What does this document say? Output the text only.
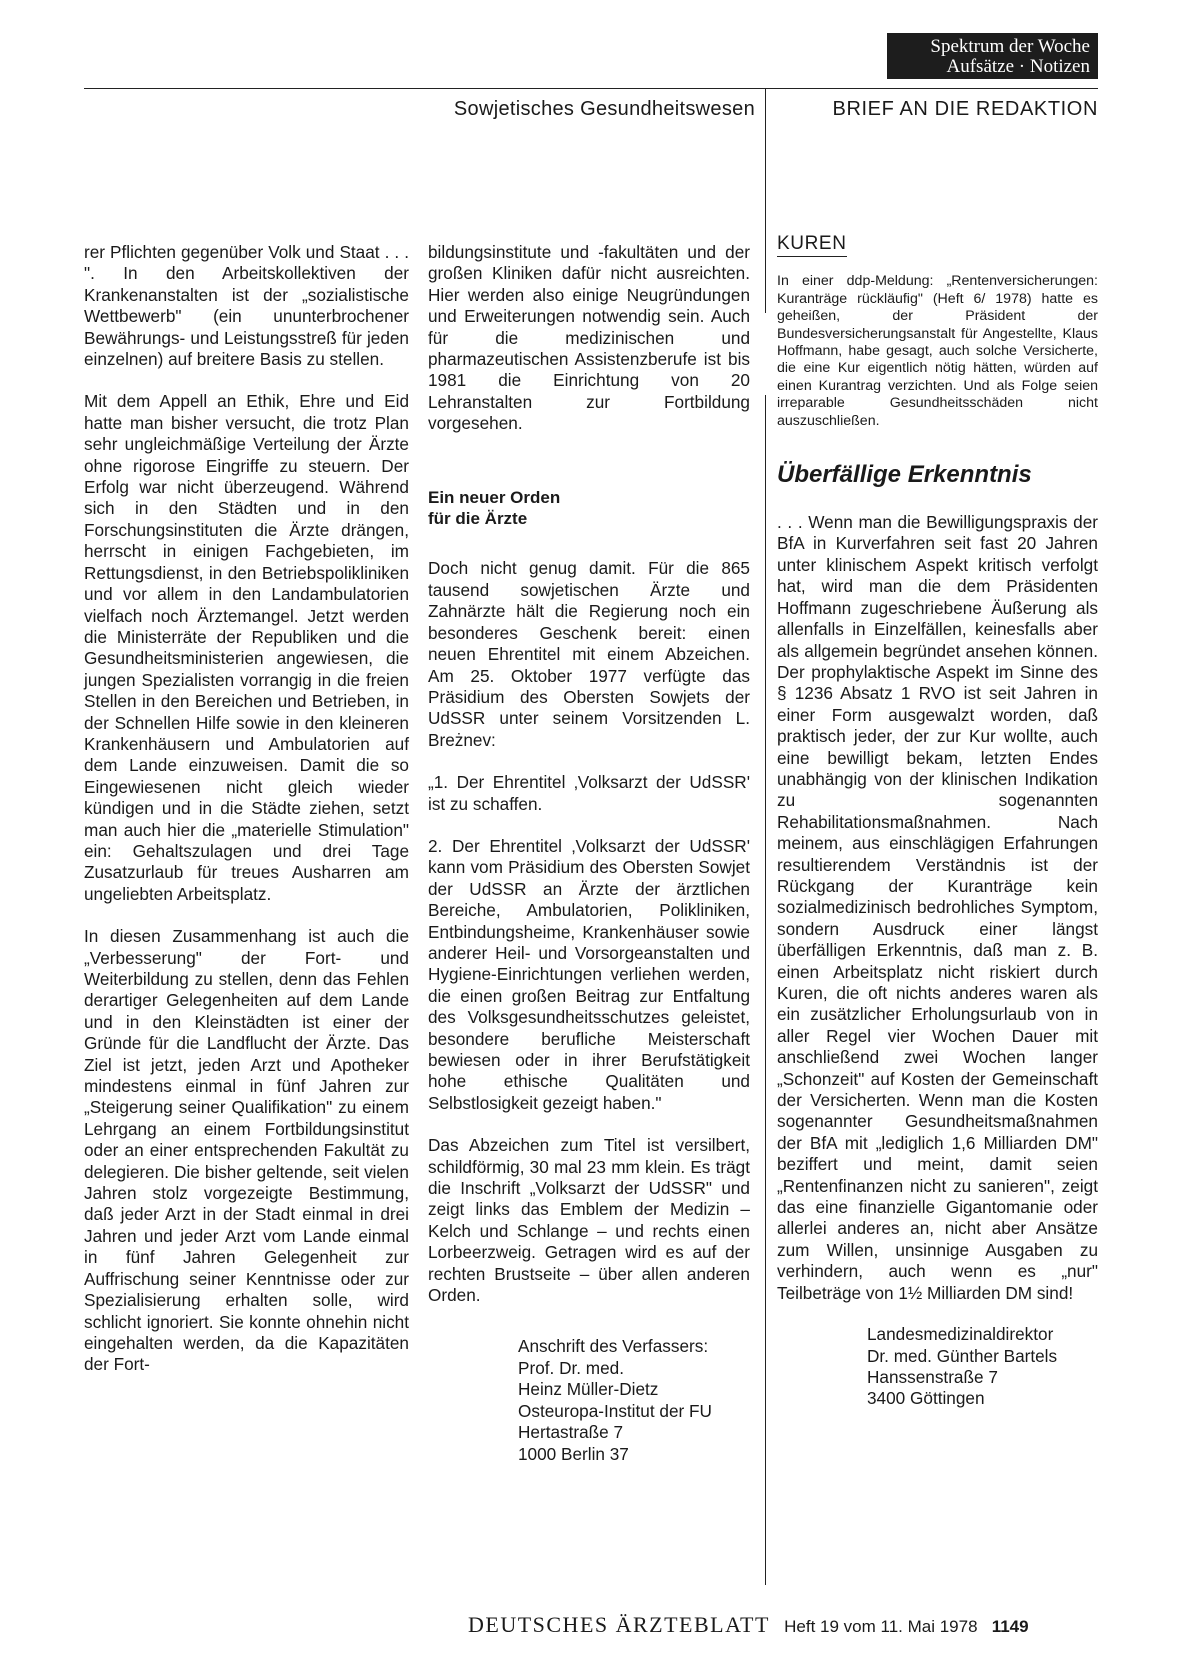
Spektrum der Woche
Aufsätze · Notizen
Sowjetisches Gesundheitswesen	BRIEF AN DIE REDAKTION

rer Pflichten gegenüber Volk und Staat . . . ". In den Arbeitskollektiven der Krankenanstalten ist der „sozialistische Wettbewerb" (ein ununterbrochener Bewährungs- und Leistungsstreß für jeden einzelnen) auf breitere Basis zu stellen.

Mit dem Appell an Ethik, Ehre und Eid hatte man bisher versucht, die trotz Plan sehr ungleichmäßige Verteilung der Ärzte ohne rigorose Eingriffe zu steuern. Der Erfolg war nicht überzeugend. Während sich in den Städten und in den Forschungsinstituten die Ärzte drängen, herrscht in einigen Fachgebieten, im Rettungsdienst, in den Betriebspolikliniken und vor allem in den Landambulatorien vielfach noch Ärztemangel. Jetzt werden die Ministerräte der Republiken und die Gesundheitsministerien angewiesen, die jungen Spezialisten vorrangig in die freien Stellen in den Bereichen und Betrieben, in der Schnellen Hilfe sowie in den kleineren Krankenhäusern und Ambulatorien auf dem Lande einzuweisen. Damit die so Eingewiesenen nicht gleich wieder kündigen und in die Städte ziehen, setzt man auch hier die „materielle Stimulation" ein: Gehaltszulagen und drei Tage Zusatzurlaub für treues Ausharren am ungeliebten Arbeitsplatz.

In diesen Zusammenhang ist auch die „Verbesserung" der Fort- und Weiterbildung zu stellen, denn das Fehlen derartiger Gelegenheiten auf dem Lande und in den Kleinstädten ist einer der Gründe für die Landflucht der Ärzte. Das Ziel ist jetzt, jeden Arzt und Apotheker mindestens einmal in fünf Jahren zur „Steigerung seiner Qualifikation" zu einem Lehrgang an einem Fortbildungsinstitut oder an einer entsprechenden Fakultät zu delegieren. Die bisher geltende, seit vielen Jahren stolz vorgezeigte Bestimmung, daß jeder Arzt in der Stadt einmal in drei Jahren und jeder Arzt vom Lande einmal in fünf Jahren Gelegenheit zur Auffrischung seiner Kenntnisse oder zur Spezialisierung erhalten solle, wird schlicht ignoriert. Sie konnte ohnehin nicht eingehalten werden, da die Kapazitäten der Fort-

bildungsinstitute und -fakultäten und der großen Kliniken dafür nicht ausreichten. Hier werden also einige Neugründungen und Erweiterungen notwendig sein. Auch für die medizinischen und pharmazeutischen Assistenzberufe ist bis 1981 die Einrichtung von 20 Lehranstalten zur Fortbildung vorgesehen.

Ein neuer Orden

für die Ärzte

Doch nicht genug damit. Für die 865 tausend sowjetischen Ärzte und Zahnärzte hält die Regierung noch ein besonderes Geschenk bereit: einen neuen Ehrentitel mit einem Abzeichen. Am 25. Oktober 1977 verfügte das Präsidium des Obersten Sowjets der UdSSR unter seinem Vorsitzenden L. Breżnev:

„1. Der Ehrentitel ‚Volksarzt der UdSSR' ist zu schaffen.

2. Der Ehrentitel ‚Volksarzt der UdSSR' kann vom Präsidium des Obersten Sowjet der UdSSR an Ärzte der ärztlichen Bereiche, Ambulatorien, Polikliniken, Entbindungsheime, Krankenhäuser sowie anderer Heil- und Vorsorgeanstalten und Hygiene-Einrichtungen verliehen werden, die einen großen Beitrag zur Entfaltung des Volksgesundheitsschutzes geleistet, besondere berufliche Meisterschaft bewiesen oder in ihrer Berufstätigkeit hohe ethische Qualitäten und Selbstlosigkeit gezeigt haben."

Das Abzeichen zum Titel ist versilbert, schildförmig, 30 mal 23 mm klein. Es trägt die Inschrift „Volksarzt der UdSSR" und zeigt links das Emblem der Medizin – Kelch und Schlange – und rechts einen Lorbeerzweig. Getragen wird es auf der rechten Brustseite – über allen anderen Orden.

Anschrift des Verfassers:
Prof. Dr. med.
Heinz Müller-Dietz
Osteuropa-Institut der FU
Hertastraße 7
1000 Berlin 37
KUREN

In einer ddp-Meldung: „Rentenversicherungen: Kuranträge rückläufig" (Heft 6/ 1978) hatte es geheißen, der Präsident der Bundesversicherungsanstalt für Angestellte, Klaus Hoffmann, habe gesagt, auch solche Versicherte, die eine Kur eigentlich nötig hätten, würden auf einen Kurantrag verzichten. Und als Folge seien irreparable Gesundheitsschäden nicht auszuschließen.

Überfällige Erkenntnis

. . . Wenn man die Bewilligungspraxis der BfA in Kurverfahren seit fast 20 Jahren unter klinischem Aspekt kritisch verfolgt hat, wird man die dem Präsidenten Hoffmann zugeschriebene Äußerung als allenfalls in Einzelfällen, keinesfalls aber als allgemein begründet ansehen können. Der prophylaktische Aspekt im Sinne des § 1236 Absatz 1 RVO ist seit Jahren in einer Form ausgewalzt worden, daß praktisch jeder, der zur Kur wollte, auch eine bewilligt bekam, letzten Endes unabhängig von der klinischen Indikation zu sogenannten Rehabilitationsmaßnahmen. Nach meinem, aus einschlägigen Erfahrungen resultierendem Verständnis ist der Rückgang der Kuranträge kein sozialmedizinisch bedrohliches Symptom, sondern Ausdruck einer längst überfälligen Erkenntnis, daß man z. B. einen Arbeitsplatz nicht riskiert durch Kuren, die oft nichts anderes waren als ein zusätzlicher Erholungsurlaub von in aller Regel vier Wochen Dauer mit anschließend zwei Wochen langer „Schonzeit" auf Kosten der Gemeinschaft der Versicherten. Wenn man die Kosten sogenannter Gesundheitsmaßnahmen der BfA mit „lediglich 1,6 Milliarden DM" beziffert und meint, damit seien „Rentenfinanzen nicht zu sanieren", zeigt das eine finanzielle Gigantomanie oder allerlei anderes an, nicht aber Ansätze zum Willen, unsinnige Ausgaben zu verhindern, auch wenn es „nur" Teilbeträge von 1½ Milliarden DM sind!

Landesmedizinaldirektor
Dr. med. Günther Bartels
Hanssenstraße 7
3400 Göttingen
DEUTSCHES ÄRZTEBLATT Heft 19 vom 11. Mai 1978 1149
